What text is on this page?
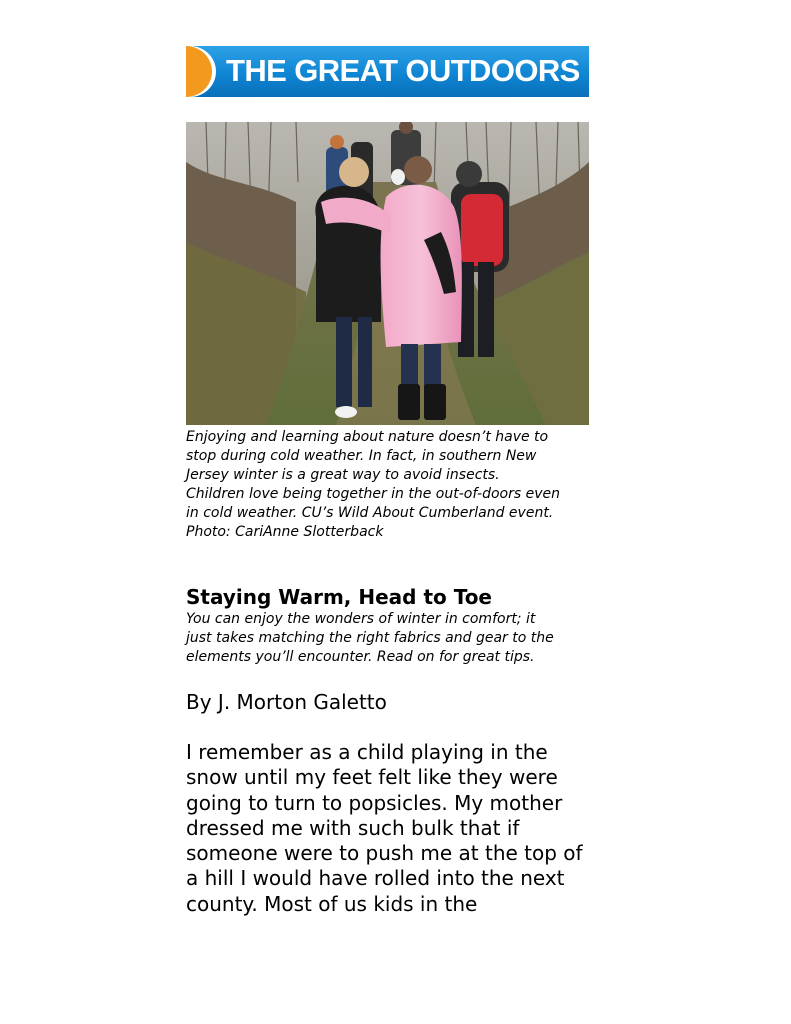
THE GREAT OUTDOORS
Enjoying and learning about nature doesn’t have to
stop during cold weather. In fact, in southern New
Jersey winter is a great way to avoid insects.
Children love being together in the out-of-doors even
in cold weather. CU’s Wild About Cumberland event.
Photo: CariAnne Slotterback
Staying Warm, Head to Toe
You can enjoy the wonders of winter in comfort; it
just takes matching the right fabrics and gear to the
elements you’ll encounter. Read on for great tips.

By J. Morton Galetto

I remember as a child playing in the
snow until my feet felt like they were
going to turn to popsicles. My mother
dressed me with such bulk that if
someone were to push me at the top of
a hill I would have rolled into the next
county. Most of us kids in the
